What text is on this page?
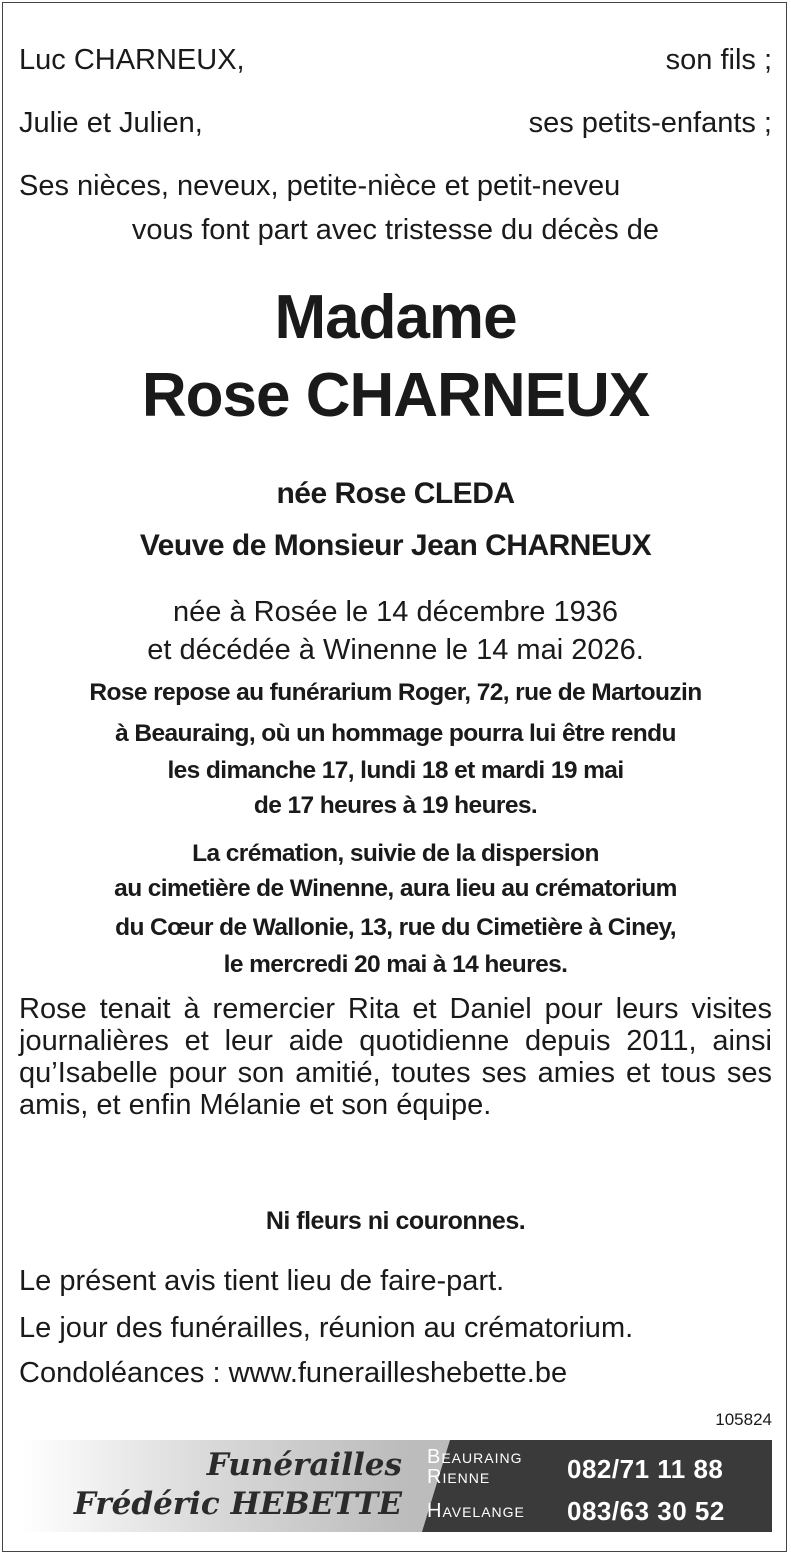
Luc CHARNEUX,	son fils ;
Julie et Julien,	ses petits-enfants ;
Ses nièces, neveux, petite-nièce et petit-neveu
vous font part avec tristesse du décès de
Madame
Rose CHARNEUX
née Rose CLEDA
Veuve de Monsieur Jean CHARNEUX
née à Rosée le 14 décembre 1936
et décédée à Winenne le 14 mai 2026.
Rose repose au funérarium Roger, 72, rue de Martouzin
à Beauraing, où un hommage pourra lui être rendu
les dimanche 17, lundi 18 et mardi 19 mai
de 17 heures à 19 heures.
La crémation, suivie de la dispersion
au cimetière de Winenne, aura lieu au crématorium
du Cœur de Wallonie, 13, rue du Cimetière à Ciney,
le mercredi 20 mai à 14 heures.
Rose tenait à remercier Rita et Daniel pour leurs visites journalières et leur aide quotidienne depuis 2011, ainsi qu’Isabelle pour son amitié, toutes ses amies et tous ses amis, et enfin Mélanie et son équipe.
Ni fleurs ni couronnes.
Le présent avis tient lieu de faire-part.
Le jour des funérailles, réunion au crématorium.
Condoléances : www.funerailleshebette.be
105824
Funérailles
Frédéric HEBETTE
Beauraing
Rienne
Havelange
082/71 11 88
083/63 30 52
